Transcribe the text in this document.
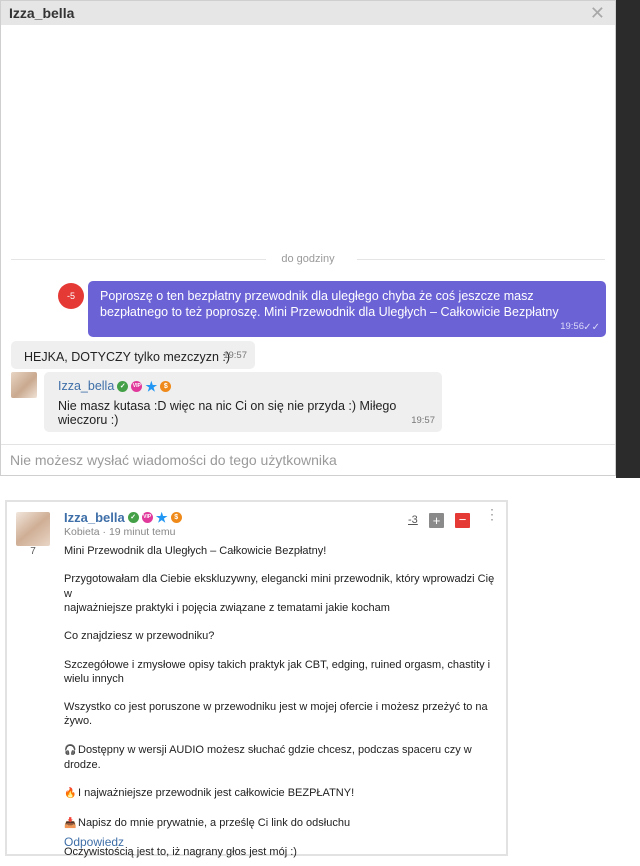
Izza_bella	✕
do godziny
-5	Poproszę o ten bezpłatny przewodnik dla uległego chyba że coś jeszcze masz bezpłatnego to też poproszę. Mini Przewodnik dla Uległych – Całkowicie Bezpłatny
19:56 ✓✓
HEJKA, DOTYCZY tylko mezczyzn :)
19:57
Izza_bella ✓	VIP ★ $
Nie masz kutasa :D więc na nic Ci on się nie przyda :) Miłego wieczoru :)	19:57
Nie możesz wysłać wiadomości do tego użytkownika
7
Izza_bella ✓	VIP ★ $
Kobieta · 19 minut temu
-3 + − ⋮

Mini Przewodnik dla Uległych – Całkowicie Bezpłatny!

Przygotowałam dla Ciebie ekskluzywny, elegancki mini przewodnik, który wprowadzi Cię w

najważniejsze praktyki i pojęcia związane z tematami jakie kocham

Co znajdziesz w przewodniku?

Szczegółowe i zmysłowe opisy takich praktyk jak CBT, edging, ruined orgasm, chastity i

wielu innych

Wszystko co jest poruszone w przewodniku jest w mojej ofercie i możesz przeżyć to na

żywo.

🎧 Dostępny w wersji AUDIO możesz słuchać gdzie chcesz, podczas spaceru czy w drodze.

🔥 I najważniejsze przewodnik jest całkowicie BEZPŁATNY!

📥 Napisz do mnie prywatnie, a prześlę Ci link do odsłuchu

Oczywistością jest to, iż nagrany głos jest mój :)

Odpowiedz
